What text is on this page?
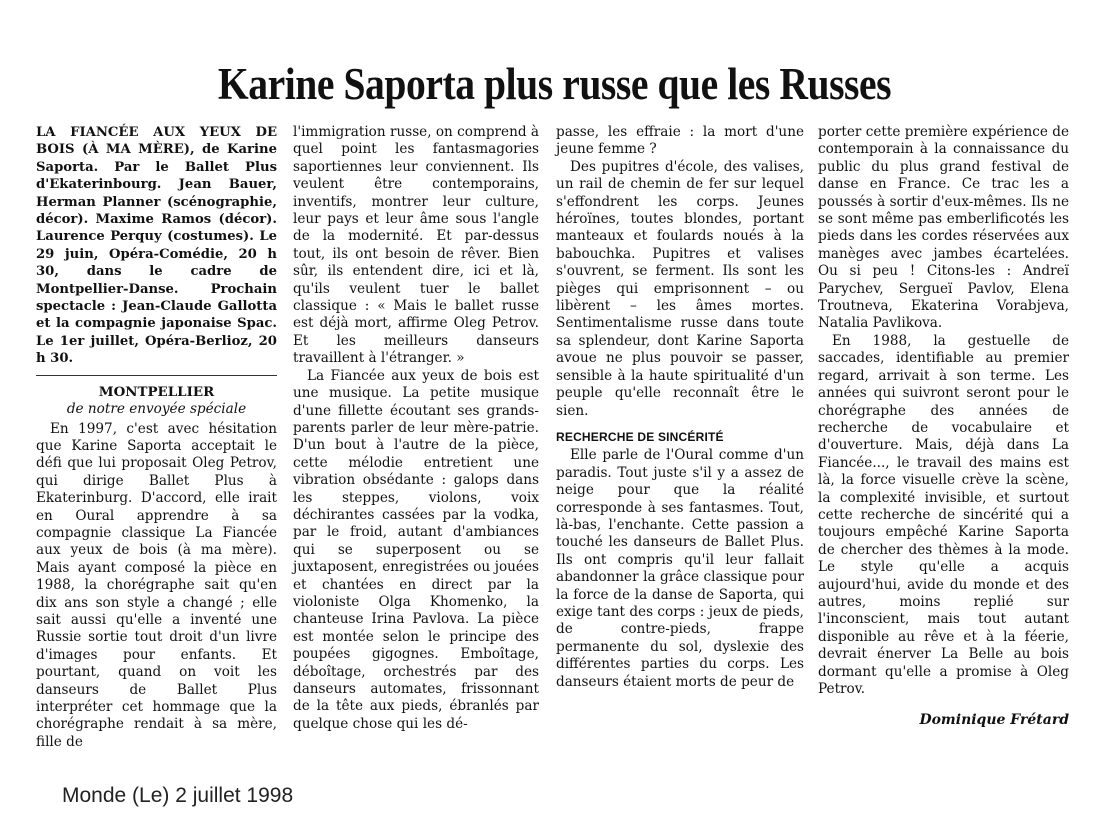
Karine Saporta plus russe que les Russes
LA FIANCÉE AUX YEUX DE BOIS (À MA MÈRE), de Karine Saporta. Par le Ballet Plus d'Ekaterinbourg. Jean Bauer, Herman Planner (scénographie, décor). Maxime Ramos (décor). Laurence Perquy (costumes). Le 29 juin, Opéra-Comédie, 20 h 30, dans le cadre de Montpellier-Danse. Prochain spectacle : Jean-Claude Gallotta et la compagnie japonaise Spac. Le 1er juillet, Opéra-Berlioz, 20 h 30.
MONTPELLIER
de notre envoyée spéciale

En 1997, c'est avec hésitation que Karine Saporta acceptait le défi que lui proposait Oleg Petrov, qui dirige Ballet Plus à Ekaterinburg. D'accord, elle irait en Oural apprendre à sa compagnie classique La Fiancée aux yeux de bois (à ma mère). Mais ayant composé la pièce en 1988, la chorégraphe sait qu'en dix ans son style a changé ; elle sait aussi qu'elle a inventé une Russie sortie tout droit d'un livre d'images pour enfants. Et pourtant, quand on voit les danseurs de Ballet Plus interpréter cet hommage que la chorégraphe rendait à sa mère, fille de

l'immigration russe, on comprend à quel point les fantasmagories saportiennes leur conviennent. Ils veulent être contemporains, inventifs, montrer leur culture, leur pays et leur âme sous l'angle de la modernité. Et par-dessus tout, ils ont besoin de rêver. Bien sûr, ils entendent dire, ici et là, qu'ils veulent tuer le ballet classique : « Mais le ballet russe est déjà mort, affirme Oleg Petrov. Et les meilleurs danseurs travaillent à l'étranger. »

La Fiancée aux yeux de bois est une musique. La petite musique d'une fillette écoutant ses grands-parents parler de leur mère-patrie. D'un bout à l'autre de la pièce, cette mélodie entretient une vibration obsédante : galops dans les steppes, violons, voix déchirantes cassées par la vodka, par le froid, autant d'ambiances qui se superposent ou se juxtaposent, enregistrées ou jouées et chantées en direct par la violoniste Olga Khomenko, la chanteuse Irina Pavlova. La pièce est montée selon le principe des poupées gigognes. Emboîtage, déboîtage, orchestrés par des danseurs automates, frissonnant de la tête aux pieds, ébranlés par quelque chose qui les dé-

passe, les effraie : la mort d'une jeune femme ?

Des pupitres d'école, des valises, un rail de chemin de fer sur lequel s'effondrent les corps. Jeunes héroïnes, toutes blondes, portant manteaux et foulards noués à la babouchka. Pupitres et valises s'ouvrent, se ferment. Ils sont les pièges qui emprisonnent – ou libèrent – les âmes mortes. Sentimentalisme russe dans toute sa splendeur, dont Karine Saporta avoue ne plus pouvoir se passer, sensible à la haute spiritualité d'un peuple qu'elle reconnaît être le sien.

RECHERCHE DE SINCÉRITÉ

Elle parle de l'Oural comme d'un paradis. Tout juste s'il y a assez de neige pour que la réalité corresponde à ses fantasmes. Tout, là-bas, l'enchante. Cette passion a touché les danseurs de Ballet Plus. Ils ont compris qu'il leur fallait abandonner la grâce classique pour la force de la danse de Saporta, qui exige tant des corps : jeux de pieds, de contre-pieds, frappe permanente du sol, dyslexie des différentes parties du corps. Les danseurs étaient morts de peur de

porter cette première expérience de contemporain à la connaissance du public du plus grand festival de danse en France. Ce trac les a poussés à sortir d'eux-mêmes. Ils ne se sont même pas emberlificotés les pieds dans les cordes réservées aux manèges avec jambes écartelées. Ou si peu ! Citons-les : Andreï Parychev, Sergueï Pavlov, Elena Troutneva, Ekaterina Vorabjeva, Natalia Pavlikova.

En 1988, la gestuelle de saccades, identifiable au premier regard, arrivait à son terme. Les années qui suivront seront pour le chorégraphe des années de recherche de vocabulaire et d'ouverture. Mais, déjà dans La Fiancée..., le travail des mains est là, la force visuelle crève la scène, la complexité invisible, et surtout cette recherche de sincérité qui a toujours empêché Karine Saporta de chercher des thèmes à la mode. Le style qu'elle a acquis aujourd'hui, avide du monde et des autres, moins replié sur l'inconscient, mais tout autant disponible au rêve et à la féerie, devrait énerver La Belle au bois dormant qu'elle a promise à Oleg Petrov.

Dominique Frétard
Monde (Le) 2 juillet 1998
